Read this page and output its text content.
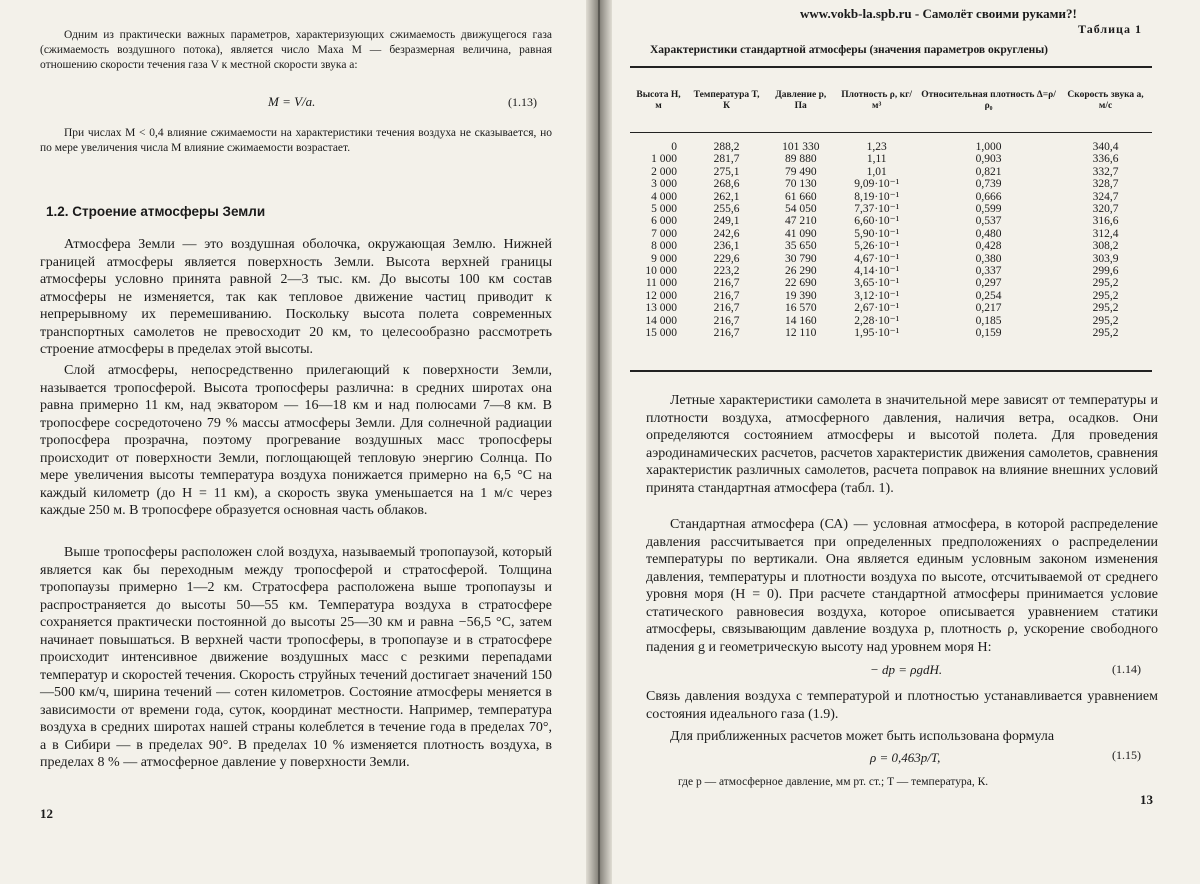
Одним из практически важных параметров, характеризующих сжимаемость движущегося газа (сжимаемость воздушного потока), является число Маха М — безразмерная величина, равная отношению скорости течения газа V к местной скорости звука a:

M = V/a.	(1.13)

При числах M < 0,4 влияние сжимаемости на характеристики течения воздуха не сказывается, но по мере увеличения числа M влияние сжимаемости возрастает.

1.2. Строение атмосферы Земли

Атмосфера Земли — это воздушная оболочка, окружающая Землю. Нижней границей атмосферы является поверхность Земли. Высота верхней границы атмосферы условно принята равной 2—3 тыс. км. До высоты 100 км состав атмосферы не изменяется, так как тепловое движение частиц приводит к непрерывному их перемешиванию. Поскольку высота полета современных транспортных самолетов не превосходит 20 км, то целесообразно рассмотреть строение атмосферы в пределах этой высоты.

Слой атмосферы, непосредственно прилегающий к поверхности Земли, называется тропосферой. Высота тропосферы различна: в средних широтах она равна примерно 11 км, над экватором — 16—18 км и над полюсами 7—8 км. В тропосфере сосредоточено 79 % массы атмосферы Земли. Для солнечной радиации тропосфера прозрачна, поэтому прогревание воздушных масс тропосферы происходит от поверхности Земли, поглощающей тепловую энергию Солнца. По мере увеличения высоты температура воздуха понижается примерно на 6,5 °С на каждый километр (до H = 11 км), а скорость звука уменьшается на 1 м/с через каждые 250 м. В тропосфере образуется основная часть облаков.

Выше тропосферы расположен слой воздуха, называемый тропопаузой, который является как бы переходным между тропосферой и стратосферой. Толщина тропопаузы примерно 1—2 км. Стратосфера расположена выше тропопаузы и распространяется до высоты 50—55 км. Температура воздуха в стратосфере сохраняется практически постоянной до высоты 25—30 км и равна −56,5 °С, затем начинает повышаться. В верхней части тропосферы, в тропопаузе и в стратосфере происходит интенсивное движение воздушных масс с резкими перепадами температур и скоростей течения. Скорость струйных течений достигает значений 150—500 км/ч, ширина течений — сотен километров. Состояние атмосферы меняется в зависимости от времени года, суток, координат местности. Например, температура воздуха в средних широтах нашей страны колеблется в течение года в пределах 70°, а в Сибири — в пределах 90°. В пределах 10 % изменяется плотность воздуха, в пределах 8 % — атмосферное давление у поверхности Земли.

12
www.vokb-la.spb.ru - Самолёт своими руками?!
Таблица 1
Характеристики стандартной атмосферы (значения параметров округлены)
Высота H, м	Температура T, К	Давление p, Па	Плотность ρ, кг/м³	Относительная плотность Δ=ρ/ρ₀	Скорость звука a, м/с
0	288,2	101 330	1,23	1,000	340,4
1 000	281,7	89 880	1,11	0,903	336,6
2 000	275,1	79 490	1,01	0,821	332,7
3 000	268,6	70 130	9,09·10⁻¹	0,739	328,7
4 000	262,1	61 660	8,19·10⁻¹	0,666	324,7
5 000	255,6	54 050	7,37·10⁻¹	0,599	320,7
6 000	249,1	47 210	6,60·10⁻¹	0,537	316,6
7 000	242,6	41 090	5,90·10⁻¹	0,480	312,4
8 000	236,1	35 650	5,26·10⁻¹	0,428	308,2
9 000	229,6	30 790	4,67·10⁻¹	0,380	303,9
10 000	223,2	26 290	4,14·10⁻¹	0,337	299,6
11 000	216,7	22 690	3,65·10⁻¹	0,297	295,2
12 000	216,7	19 390	3,12·10⁻¹	0,254	295,2
13 000	216,7	16 570	2,67·10⁻¹	0,217	295,2
14 000	216,7	14 160	2,28·10⁻¹	0,185	295,2
15 000	216,7	12 110	1,95·10⁻¹	0,159	295,2

Летные характеристики самолета в значительной мере зависят от температуры и плотности воздуха, атмосферного давления, наличия ветра, осадков. Они определяются состоянием атмосферы и высотой полета. Для проведения аэродинамических расчетов, расчетов характеристик движения самолетов, сравнения характеристик различных самолетов, расчета поправок на влияние внешних условий принята стандартная атмосфера (табл. 1).

Стандартная атмосфера (СА) — условная атмосфера, в которой распределение давления рассчитывается при определенных предположениях о распределении температуры по вертикали. Она является единым условным законом изменения давления, температуры и плотности воздуха по высоте, отсчитываемой от среднего уровня моря (H = 0). При расчете стандартной атмосферы принимается условие статического равновесия воздуха, которое описывается уравнением статики атмосферы, связывающим давление воздуха p, плотность ρ, ускорение свободного падения g и геометрическую высоту над уровнем моря H:

− dp = ρgdH.	(1.14)

Связь давления воздуха с температурой и плотностью устанавливается уравнением состояния идеального газа (1.9).

Для приближенных расчетов может быть использована формула

ρ = 0,463p/T,	(1.15)
где p — атмосферное давление, мм рт. ст.; T — температура, К.
13
